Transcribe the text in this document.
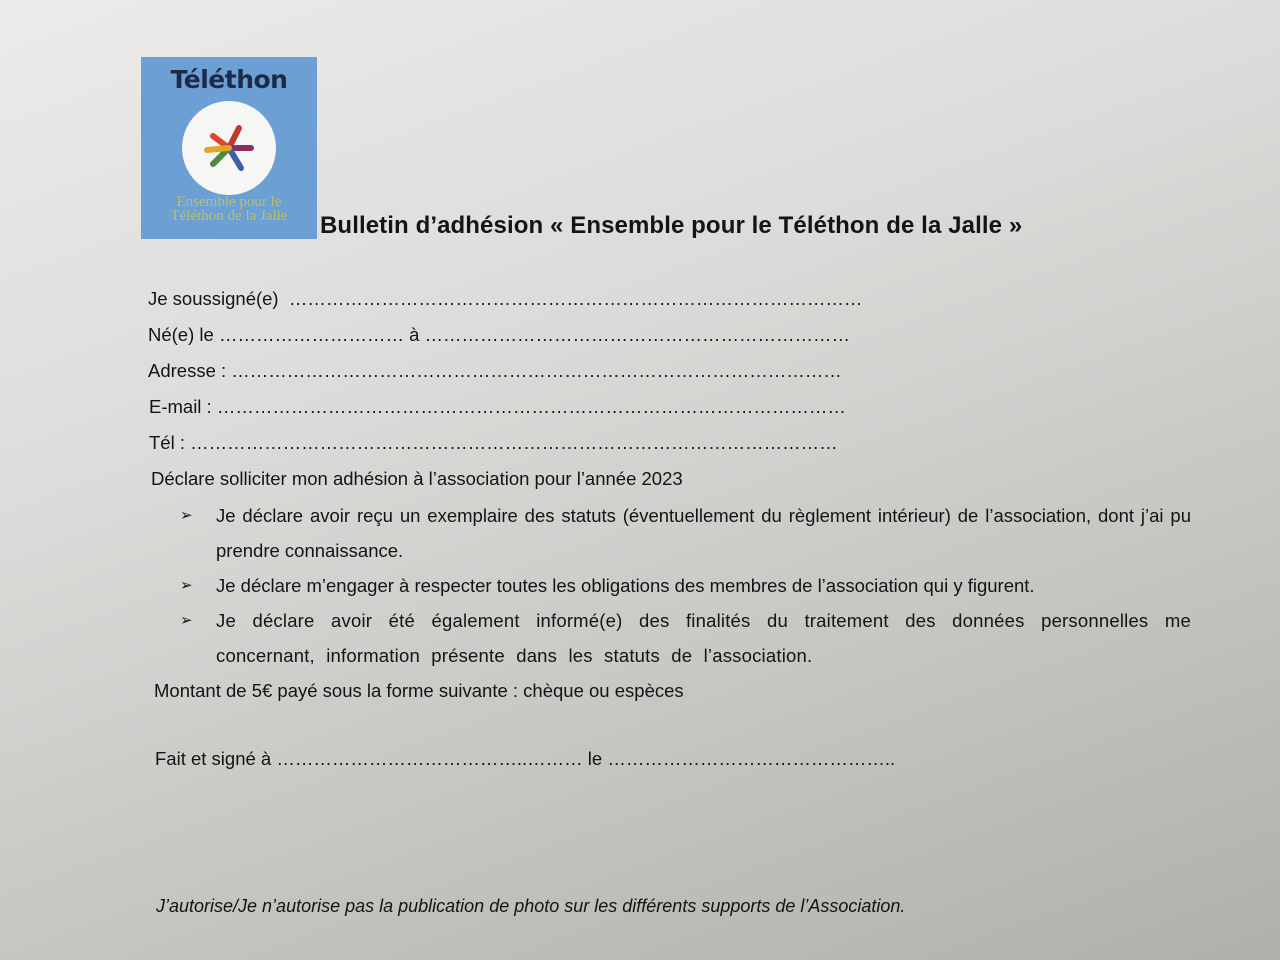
Téléthon
Ensemble pour le
Téléthon de la Jalle	Bulletin d’adhésion « Ensemble pour le Téléthon de la Jalle »
Je soussigné(e) …………………………………………………………………………………
Né(e) le ………………………… à ……………………………………………………………
Adresse : ………………………………………………………………………………………
E-mail : …………………………………………………………………………………………
Tél : ……………………………………………………………………………………………
Déclare solliciter mon adhésion à l’association pour l’année 2023
➢ Je déclare avoir reçu un exemplaire des statuts (éventuellement du règlement intérieur) de l’association, dont j’ai pu prendre connaissance.
➢ Je déclare m’engager à respecter toutes les obligations des membres de l’association qui y figurent.
➢ Je déclare avoir été également informé(e) des finalités du traitement des données personnelles me concernant, information présente dans les statuts de l’association.
Montant de 5€ payé sous la forme suivante : chèque ou espèces
Fait et signé à …………………………………..……… le ………………………………………..
J’autorise/Je n’autorise pas la publication de photo sur les différents supports de l’Association.
